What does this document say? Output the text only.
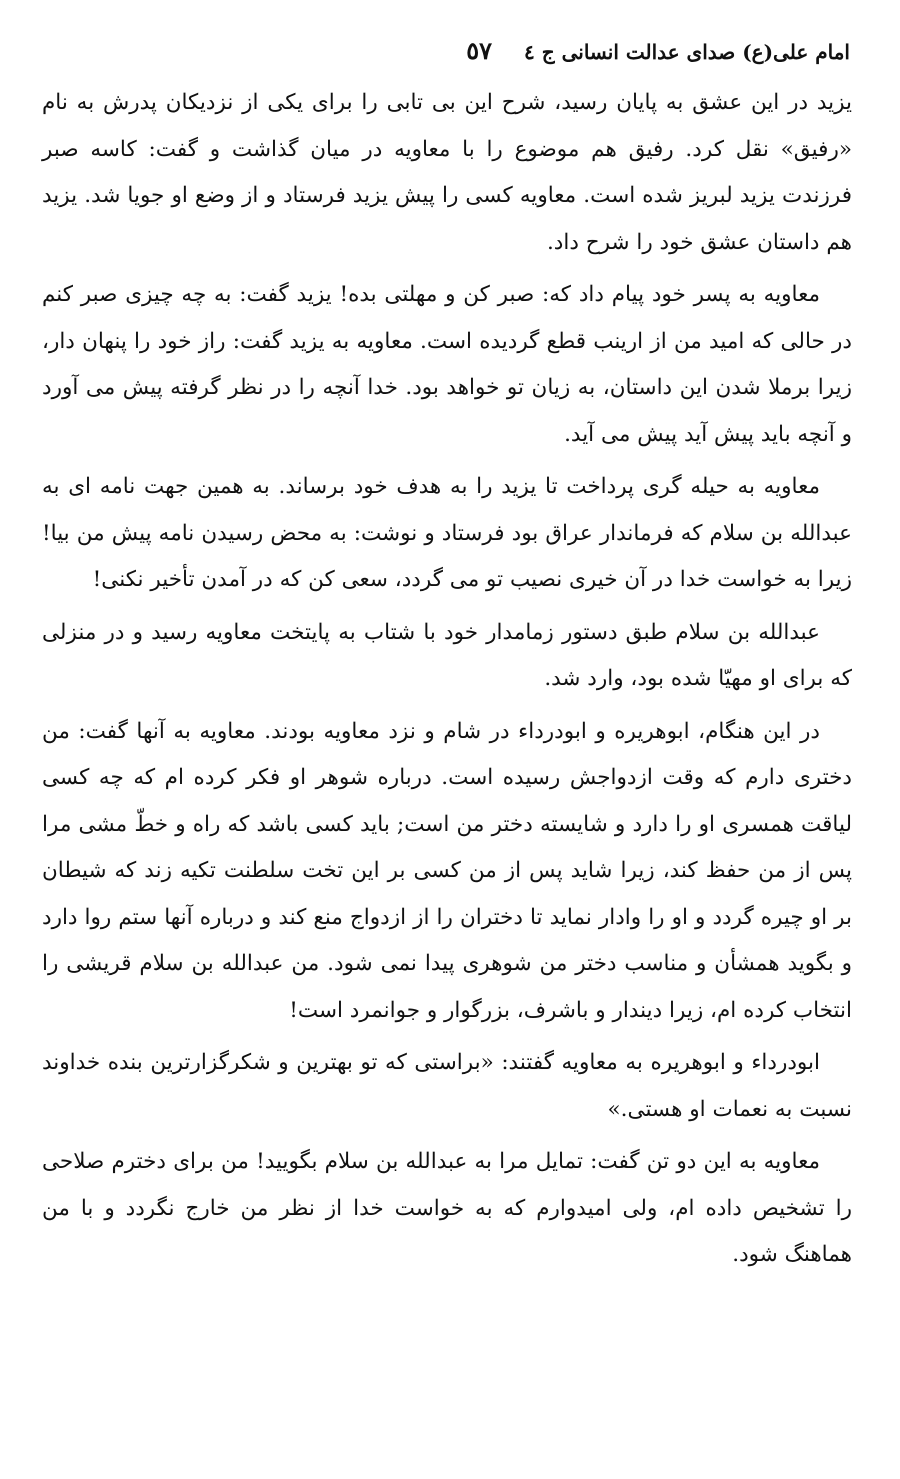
امام علی(ع) صدای عدالت انسانی ج ٤
٥٧

یزید در این عشق به پایان رسید، شرح این بی تابی را برای یکی از نزدیکان پدرش به نام «رفیق» نقل کرد. رفیق هم موضوع را با معاویه در میان گذاشت و گفت: کاسه صبر فرزندت یزید لبریز شده است. معاویه کسی را پیش یزید فرستاد و از وضع او جویا شد. یزید هم داستان عشق خود را شرح داد.

معاویه به پسر خود پیام داد که: صبر کن و مهلتی بده! یزید گفت: به چه چیزی صبر کنم در حالی که امید من از ارینب قطع گردیده است. معاویه به یزید گفت: راز خود را پنهان دار، زیرا برملا شدن این داستان، به زیان تو خواهد بود. خدا آنچه را در نظر گرفته پیش می آورد و آنچه باید پیش آید پیش می آید.

معاویه به حیله گری پرداخت تا یزید را به هدف خود برساند. به همین جهت نامه ای به عبدالله بن سلام که فرماندار عراق بود فرستاد و نوشت: به محض رسیدن نامه پیش من بیا! زیرا به خواست خدا در آن خیری نصیب تو می گردد، سعی کن که در آمدن تأخیر نکنی!

عبدالله بن سلام طبق دستور زمامدار خود با شتاب به پایتخت معاویه رسید و در منزلی که برای او مهیّا شده بود، وارد شد.

در این هنگام، ابوهریره و ابودرداء در شام و نزد معاویه بودند. معاویه به آنها گفت: من دختری دارم که وقت ازدواجش رسیده است. درباره شوهر او فکر کرده ام که چه کسی لیاقت همسری او را دارد و شایسته دختر من است; باید کسی باشد که راه و خطّ مشی مرا پس از من حفظ کند، زیرا شاید پس از من کسی بر این تخت سلطنت تکیه زند که شیطان بر او چیره گردد و او را وادار نماید تا دختران را از ازدواج منع کند و درباره آنها ستم روا دارد و بگوید همشأن و مناسب دختر من شوهری پیدا نمی شود. من عبدالله بن سلام قریشی را انتخاب کرده ام، زیرا دیندار و باشرف، بزرگوار و جوانمرد است!

ابودرداء و ابوهریره به معاویه گفتند: «براستی که تو بهترین و شکرگزارترین بنده خداوند نسبت به نعمات او هستی.»

معاویه به این دو تن گفت: تمایل مرا به عبدالله بن سلام بگویید! من برای دخترم صلاحی را تشخیص داده ام، ولی امیدوارم که به خواست خدا از نظر من خارج نگردد و با من هماهنگ شود.
